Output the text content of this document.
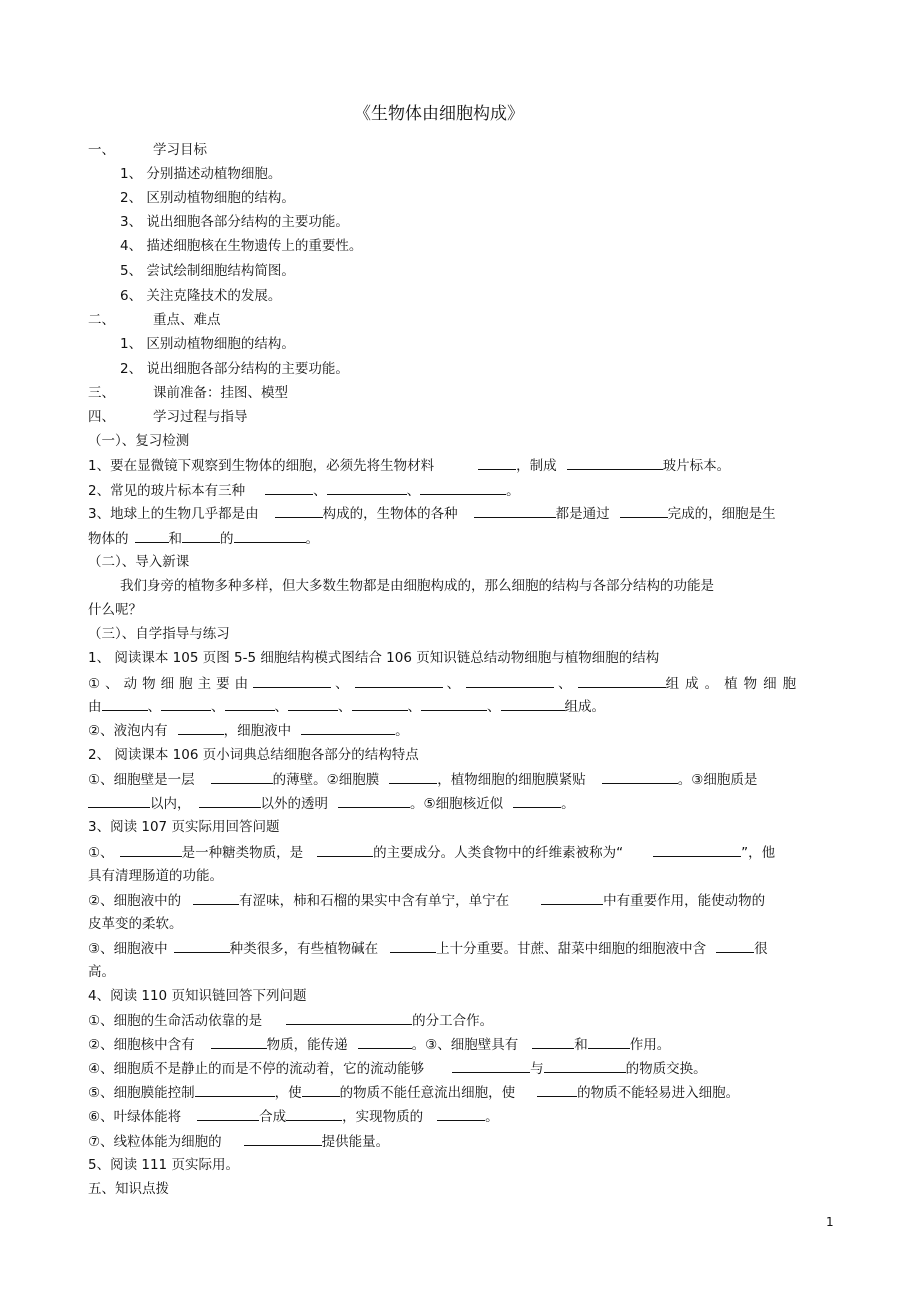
《生物体由细胞构成》
一、	学习目标
1、 分别描述动植物细胞。
2、 区别动植物细胞的结构。
3、 说出细胞各部分结构的主要功能。
4、 描述细胞核在生物遗传上的重要性。
5、 尝试绘制细胞结构简图。
6、 关注克隆技术的发展。
二、	重点、难点
1、 区别动植物细胞的结构。
2、 说出细胞各部分结构的主要功能。
三、	课前准备：挂图、模型
四、	学习过程与指导
（一）、复习检测
1、要在显微镜下观察到生物体的细胞，必须先将生物材料	，制成	玻片标本。
2、常见的玻片标本有三种	、	、	。
3、地球上的生物几乎都是由	构成的，生物体的各种	都是通过	完成的，细胞是生
物体的	和	的	。
（二）、导入新课
我们身旁的植物多种多样，但大多数生物都是由细胞构成的，那么细胞的结构与各部分结构的功能是
什么呢？
（三）、自学指导与练习
1、 阅读课本 105 页图 5-5 细胞结构模式图结合 106 页知识链总结动物细胞与植物细胞的结构
①、动物细胞主要由	、	、	、	组成。植物细胞
由	、	、	、	、	、	、	组成。
②、液泡内有	，细胞液中	。
2、 阅读课本 106 页小词典总结细胞各部分的结构特点
①、细胞壁是一层	的薄壁。②细胞膜	，植物细胞的细胞膜紧贴	。③细胞质是
以内，	以外的透明	。⑤细胞核近似	。
3、阅读 107 页实际用回答问题
①、	是一种糖类物质，是	的主要成分。人类食物中的纤维素被称为“	”，他
具有清理肠道的功能。
②、细胞液中的	有涩味，柿和石榴的果实中含有单宁，单宁在	中有重要作用，能使动物的
皮革变的柔软。
③、细胞液中	种类很多，有些植物碱在	上十分重要。甘蔗、甜菜中细胞的细胞液中含	很
高。
4、阅读 110 页知识链回答下列问题
①、细胞的生命活动依靠的是	的分工合作。
②、细胞核中含有	物质，能传递	。③、细胞壁具有	和	作用。
④、细胞质不是静止的而是不停的流动着，它的流动能够	与	的物质交换。
⑤、细胞膜能控制	，使	的物质不能任意流出细胞，使	的物质不能轻易进入细胞。
⑥、叶绿体能将	合成	，实现物质的	。
⑦、线粒体能为细胞的	提供能量。
5、阅读 111 页实际用。
五、知识点拨
1
